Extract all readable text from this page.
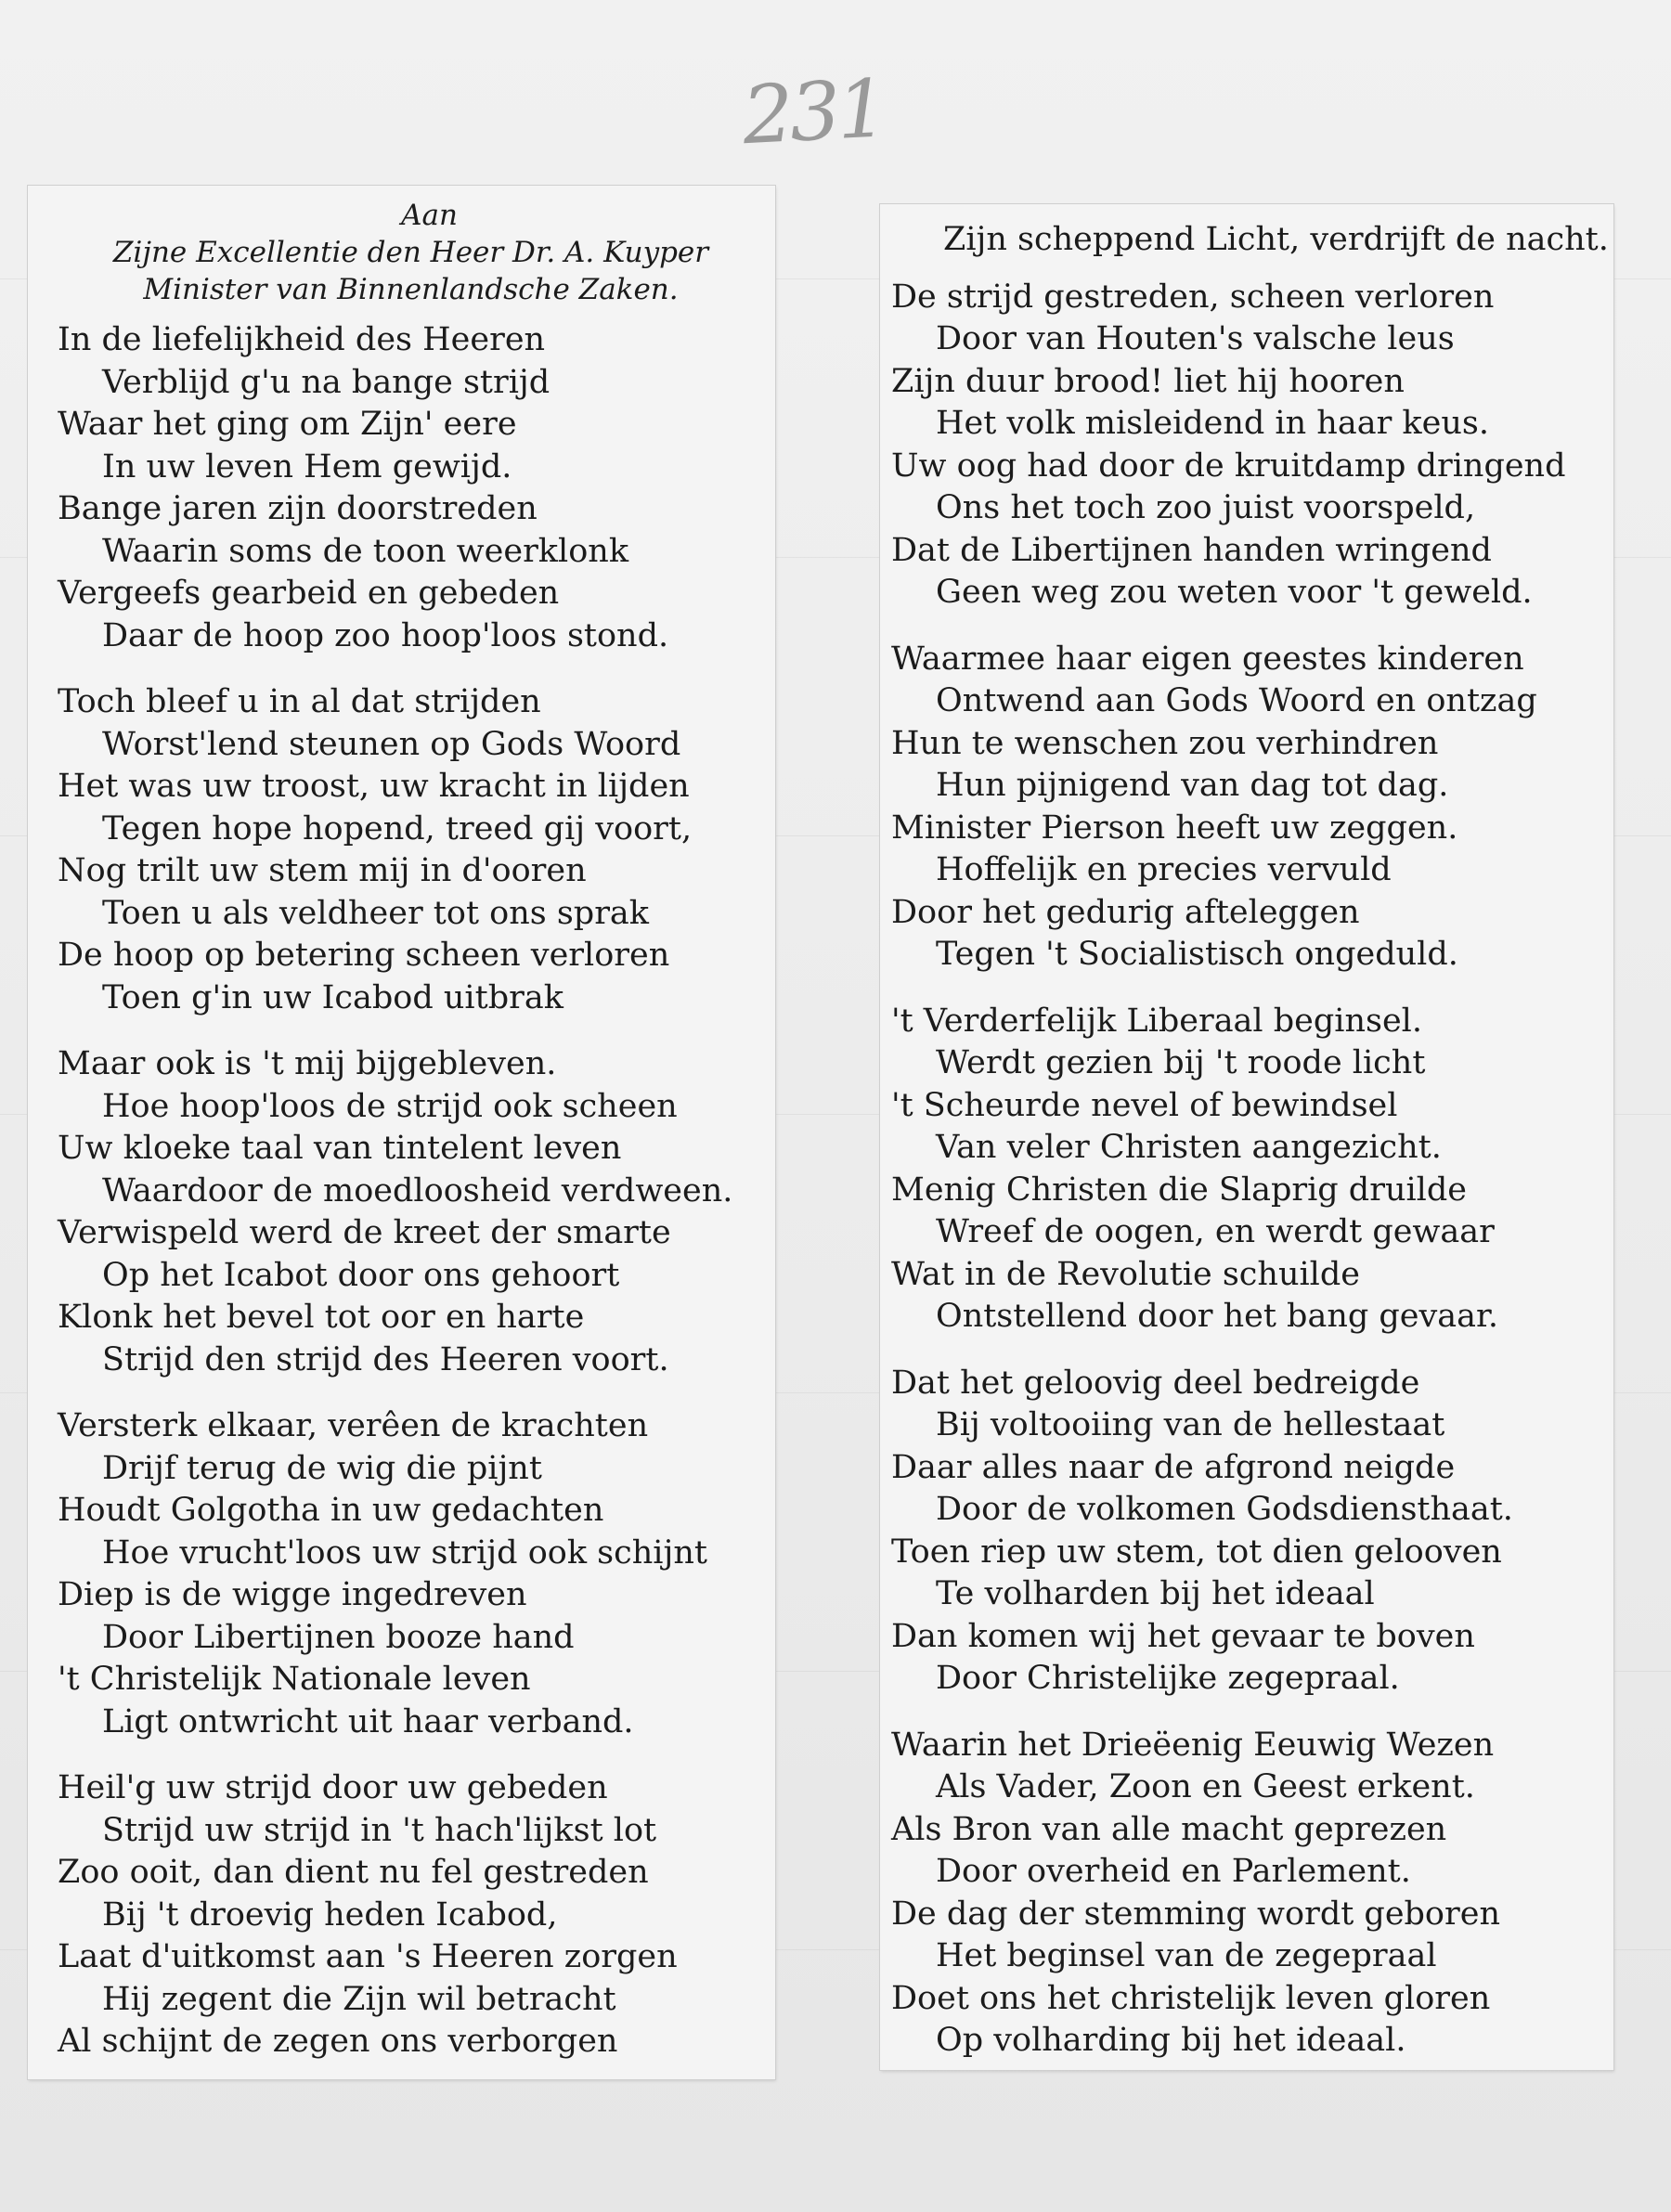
231
Aan
Zijne Excellentie den Heer Dr. A. Kuyper
Minister van Binnenlandsche Zaken.
In de liefelijkheid des Heeren
Verblijd g'u na bange strijd
Waar het ging om Zijn' eere
In uw leven Hem gewijd.
Bange jaren zijn doorstreden
Waarin soms de toon weerklonk
Vergeefs gearbeid en gebeden
Daar de hoop zoo hoop'loos stond.
Toch bleef u in al dat strijden
Worst'lend steunen op Gods Woord
Het was uw troost, uw kracht in lijden
Tegen hope hopend, treed gij voort,
Nog trilt uw stem mij in d'ooren
Toen u als veldheer tot ons sprak
De hoop op betering scheen verloren
Toen g'in uw Icabod uitbrak
Maar ook is 't mij bijgebleven.
Hoe hoop'loos de strijd ook scheen
Uw kloeke taal van tintelent leven
Waardoor de moedloosheid verdween.
Verwispeld werd de kreet der smarte
Op het Icabot door ons gehoort
Klonk het bevel tot oor en harte
Strijd den strijd des Heeren voort.
Versterk elkaar, verêen de krachten
Drijf terug de wig die pijnt
Houdt Golgotha in uw gedachten
Hoe vrucht'loos uw strijd ook schijnt
Diep is de wigge ingedreven
Door Libertijnen booze hand
't Christelijk Nationale leven
Ligt ontwricht uit haar verband.
Heil'g uw strijd door uw gebeden
Strijd uw strijd in 't hach'lijkst lot
Zoo ooit, dan dient nu fel gestreden
Bij 't droevig heden Icabod,
Laat d'uitkomst aan 's Heeren zorgen
Hij zegent die Zijn wil betracht
Al schijnt de zegen ons verborgen
Zijn scheppend Licht, verdrijft de nacht.
De strijd gestreden, scheen verloren
Door van Houten's valsche leus
Zijn duur brood! liet hij hooren
Het volk misleidend in haar keus.
Uw oog had door de kruitdamp dringend
Ons het toch zoo juist voorspeld,
Dat de Libertijnen handen wringend
Geen weg zou weten voor 't geweld.
Waarmee haar eigen geestes kinderen
Ontwend aan Gods Woord en ontzag
Hun te wenschen zou verhindren
Hun pijnigend van dag tot dag.
Minister Pierson heeft uw zeggen.
Hoffelijk en precies vervuld
Door het gedurig afteleggen
Tegen 't Socialistisch ongeduld.
't Verderfelijk Liberaal beginsel.
Werdt gezien bij 't roode licht
't Scheurde nevel of bewindsel
Van veler Christen aangezicht.
Menig Christen die Slaprig druilde
Wreef de oogen, en werdt gewaar
Wat in de Revolutie schuilde
Ontstellend door het bang gevaar.
Dat het geloovig deel bedreigde
Bij voltooiing van de hellestaat
Daar alles naar de afgrond neigde
Door de volkomen Godsdiensthaat.
Toen riep uw stem, tot dien gelooven
Te volharden bij het ideaal
Dan komen wij het gevaar te boven
Door Christelijke zegepraal.
Waarin het Drieëenig Eeuwig Wezen
Als Vader, Zoon en Geest erkent.
Als Bron van alle macht geprezen
Door overheid en Parlement.
De dag der stemming wordt geboren
Het beginsel van de zegepraal
Doet ons het christelijk leven gloren
Op volharding bij het ideaal.
